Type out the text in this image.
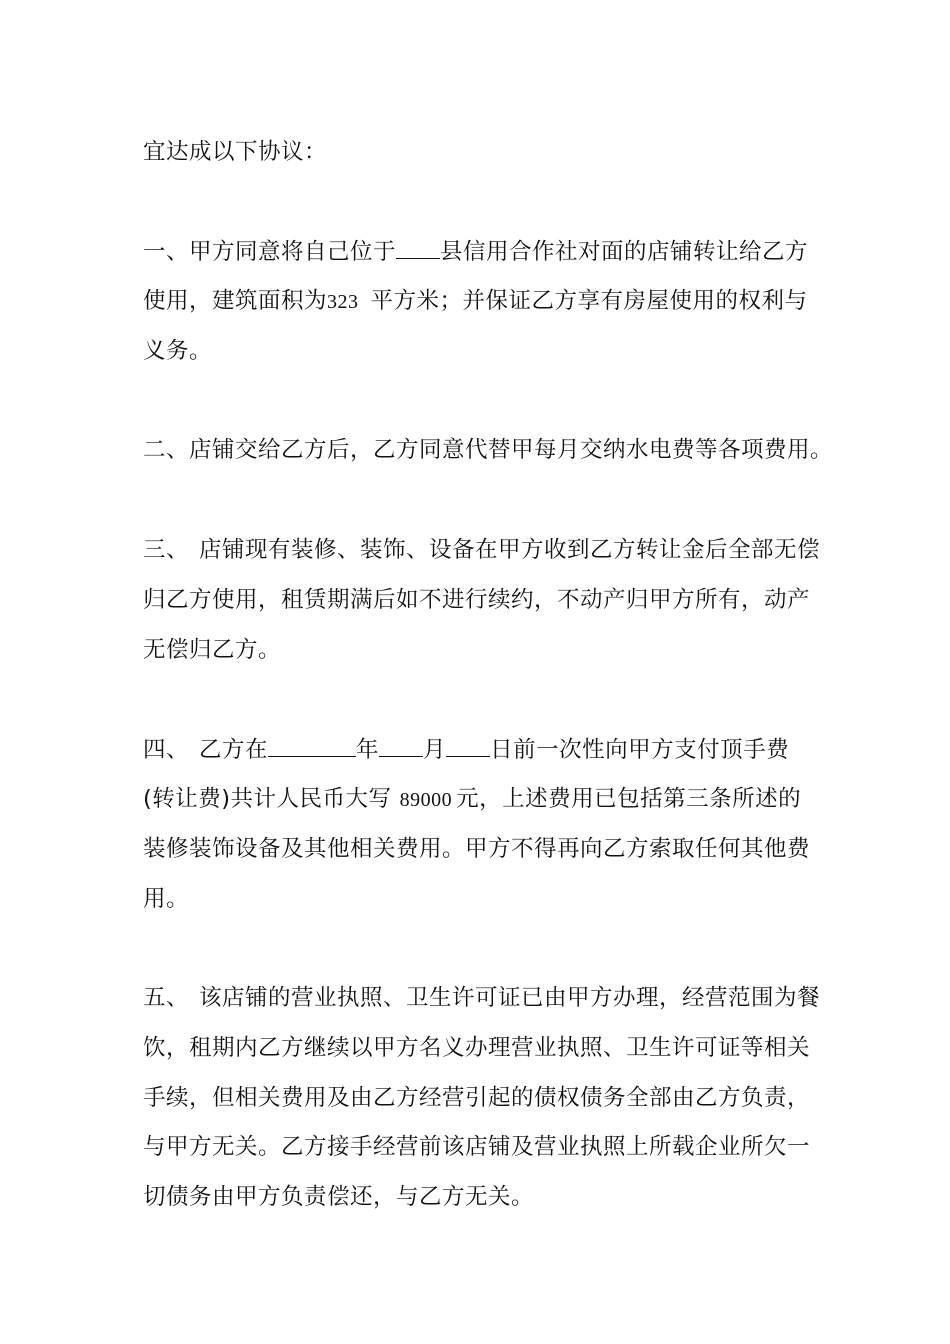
宜达成以下协议：
一、甲方同意将自己位于 县信用合作社对面的店铺转让给乙方
使用，建筑面积为323 平方米；并保证乙方享有房屋使用的权利与
义务。
二、店铺交给乙方后，乙方同意代替甲每月交纳水电费等各项费用。
三、 店铺现有装修、装饰、设备在甲方收到乙方转让金后全部无偿
归乙方使用，租赁期满后如不进行续约，不动产归甲方所有，动产
无偿归乙方。
四、 乙方在	年 月 日前一次性向甲方支付顶手费
(转让费)共计人民币大写 89000 元，上述费用已包括第三条所述的
装修装饰设备及其他相关费用。甲方不得再向乙方索取任何其他费
用。
五、 该店铺的营业执照、卫生许可证已由甲方办理，经营范围为餐
饮，租期内乙方继续以甲方名义办理营业执照、卫生许可证等相关
手续，但相关费用及由乙方经营引起的债权债务全部由乙方负责，
与甲方无关。乙方接手经营前该店铺及营业执照上所载企业所欠一
切债务由甲方负责偿还，与乙方无关。
